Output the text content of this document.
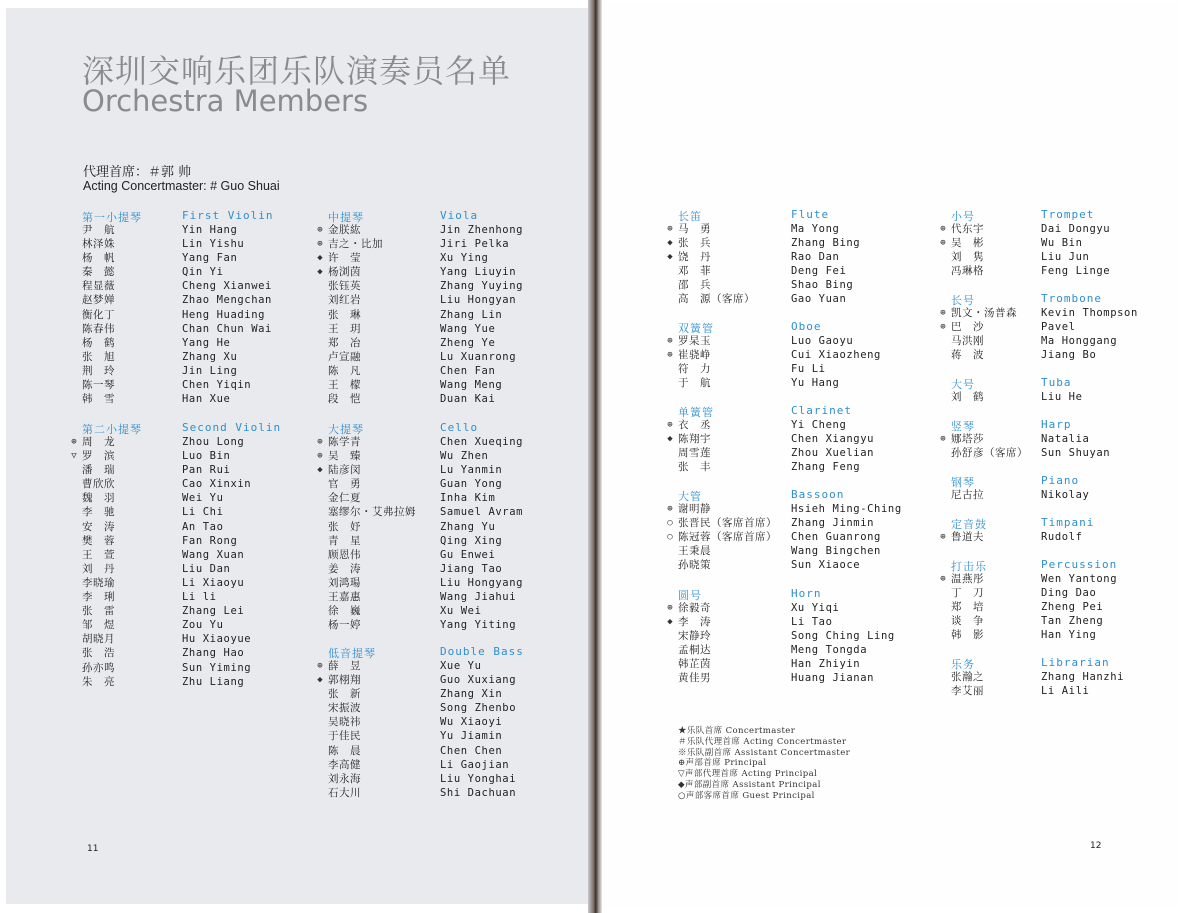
深圳交响乐团乐队演奏员名单
Orchestra Members
代理首席：＃郭 帅
Acting Concertmaster: # Guo Shuai
第一小提琴	First Violin
尹　航	Yin Hang
林泽姝	Lin Yishu
杨　帆	Yang Fan
秦　懿	Qin Yi
程显薇	Cheng Xianwei
赵梦婵	Zhao Mengchan
衡化丁	Heng Huading
陈春伟	Chan Chun Wai
杨　鹤	Yang He
张　旭	Zhang Xu
荆　玲	Jin Ling
陈一琴	Chen Yiqin
韩　雪	Han Xue
第二小提琴	Second Violin
⊕ 周　龙	Zhou Long
▽ 罗　滨	Luo Bin
潘　瑞	Pan Rui
曹欣欣	Cao Xinxin
魏　羽	Wei Yu
李　驰	Li Chi
安　涛	An Tao
樊　蓉	Fan Rong
王　萱	Wang Xuan
刘　丹	Liu Dan
李晓瑜	Li Xiaoyu
李　琍	Li li
张　雷	Zhang Lei
邹　煜	Zou Yu
胡晓月	Hu Xiaoyue
张　浩	Zhang Hao
孙亦鸣	Sun Yiming
朱　亮	Zhu Liang
中提琴	Viola
⊕ 金朕紘	Jin Zhenhong
⊕ 吉之・比加	Jiri Pelka
◆ 许　莹	Xu Ying
◆ 杨浏茵	Yang Liuyin
张钰英	Zhang Yuying
刘红岩	Liu Hongyan
张　琳	Zhang Lin
王　玥	Wang Yue
郑　冶	Zheng Ye
卢宣融	Lu Xuanrong
陈　凡	Chen Fan
王　檬	Wang Meng
段　恺	Duan Kai
大提琴	Cello
⊕ 陈学青	Chen Xueqing
⊕ 吴　臻	Wu Zhen
◆ 陆彦闵	Lu Yanmin
官　勇	Guan Yong
金仁夏	Inha Kim
塞缪尔・艾弗拉姆 Samuel Avram
张　妤	Zhang Yu
青　星	Qing Xing
顾恩伟	Gu Enwei
姜　涛	Jiang Tao
刘鸿瑒	Liu Hongyang
王嘉惠	Wang Jiahui
徐　巍	Xu Wei
杨一婷	Yang Yiting
低音提琴	Double Bass
⊕ 薛　昱	Xue Yu
◆ 郭栩翔	Guo Xuxiang
张　新	Zhang Xin
宋振波	Song Zhenbo
吴晓祎	Wu Xiaoyi
于佳民	Yu Jiamin
陈　晨	Chen Chen
李高健	Li Gaojian
刘永海	Liu Yonghai
石大川	Shi Dachuan
长笛	Flute
⊕ 马　勇	Ma Yong
◆ 张　兵	Zhang Bing
◆ 饶　丹	Rao Dan
邓　菲	Deng Fei
邵　兵	Shao Bing
高　源（客席）	Gao Yuan
双簧管	Oboe
⊕ 罗杲玉	Luo Gaoyu
⊕ 崔骁峥	Cui Xiaozheng
符　力	Fu Li
于　航	Yu Hang
单簧管	Clarinet
⊕ 衣　丞	Yi Cheng
◆ 陈翔宇	Chen Xiangyu
周雪莲	Zhou Xuelian
张　丰	Zhang Feng
大管	Bassoon
⊕ 谢明静	Hsieh Ming-Ching
○ 张晋民（客席首席） Zhang Jinmin
○ 陈冠蓉（客席首席） Chen Guanrong
王秉晨	Wang Bingchen
孙晓策	Sun Xiaoce
圆号	Horn
⊕ 徐毅奇	Xu Yiqi
◆ 李　涛	Li Tao
宋静玲	Song Ching Ling
孟桐达	Meng Tongda
韩芷茵	Han Zhiyin
黄佳男	Huang Jianan
小号	Trompet
⊕ 代东宇	Dai Dongyu
⊕ 吴　彬	Wu Bin
刘　隽	Liu Jun
冯琳格	Feng Linge
长号	Trombone
⊕ 凯文・汤普森 Kevin Thompson
⊕ 巴　沙	Pavel
马洪刚	Ma Honggang
蒋　波	Jiang Bo
大号	Tuba
刘　鹤	Liu He
竖琴	Harp
⊕ 娜塔莎	Natalia
孙舒彦（客席） Sun Shuyan
钢琴	Piano
尼古拉	Nikolay
定音鼓	Timpani
⊕ 鲁道夫	Rudolf
打击乐	Percussion
⊕ 温燕彤	Wen Yantong
丁　刀	Ding Dao
郑　培	Zheng Pei
谈　争	Tan Zheng
韩　影	Han Ying
乐务	Librarian
张瀚之	Zhang Hanzhi
李艾丽	Li Aili
★乐队首席 Concertmaster
＃乐队代理首席 Acting Concertmaster
※乐队副首席 Assistant Concertmaster
⊕声部首席 Principal
▽声部代理首席 Acting Principal
◆声部副首席 Assistant Principal
○声部客席首席 Guest Principal
11	12
